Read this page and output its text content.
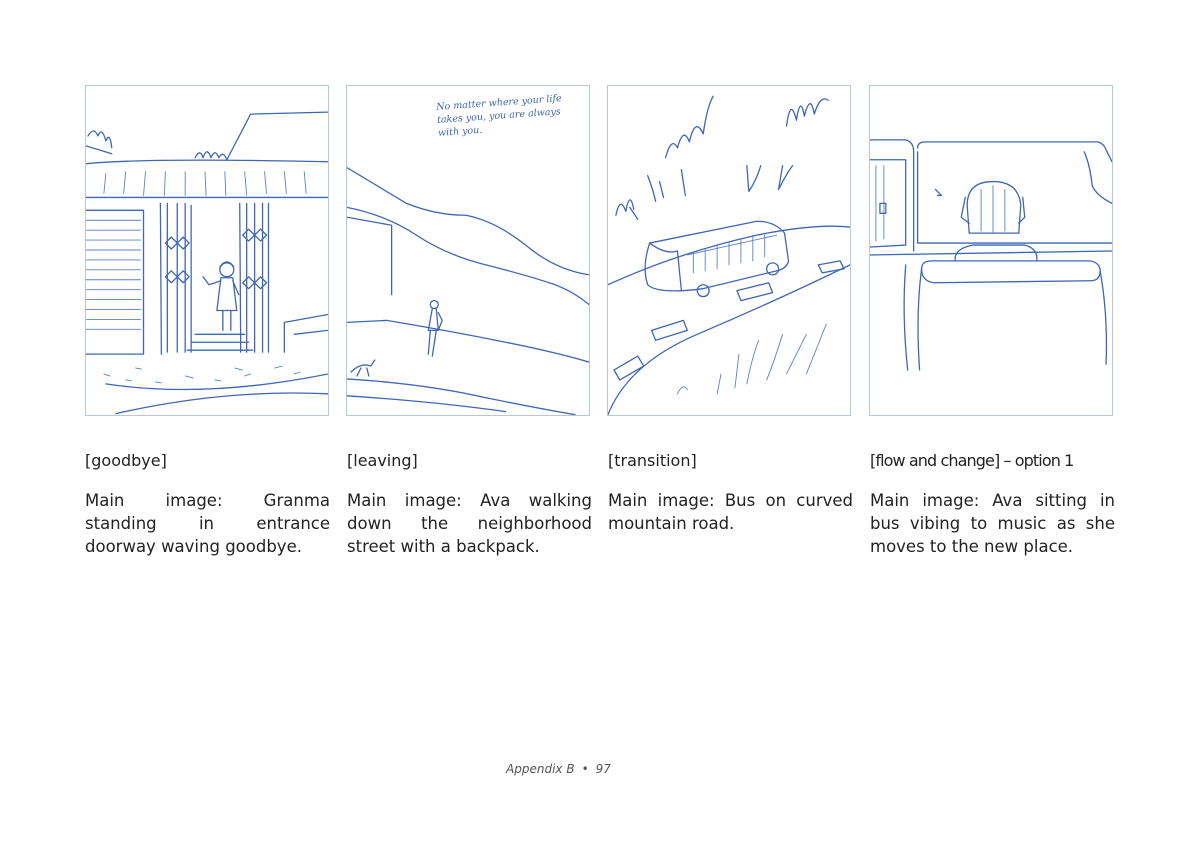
[goodbye]
Main image: Granma standing in entrance doorway waving goodbye.
No matter where your life takes you, you are always with you.
[leaving]
Main image: Ava walking down the neighborhood street with a backpack.
[transition]
Main image: Bus on curved mountain road.
[flow and change] – option 1
Main image: Ava sitting in bus vibing to music as she moves to the new place.
Appendix B • 97
